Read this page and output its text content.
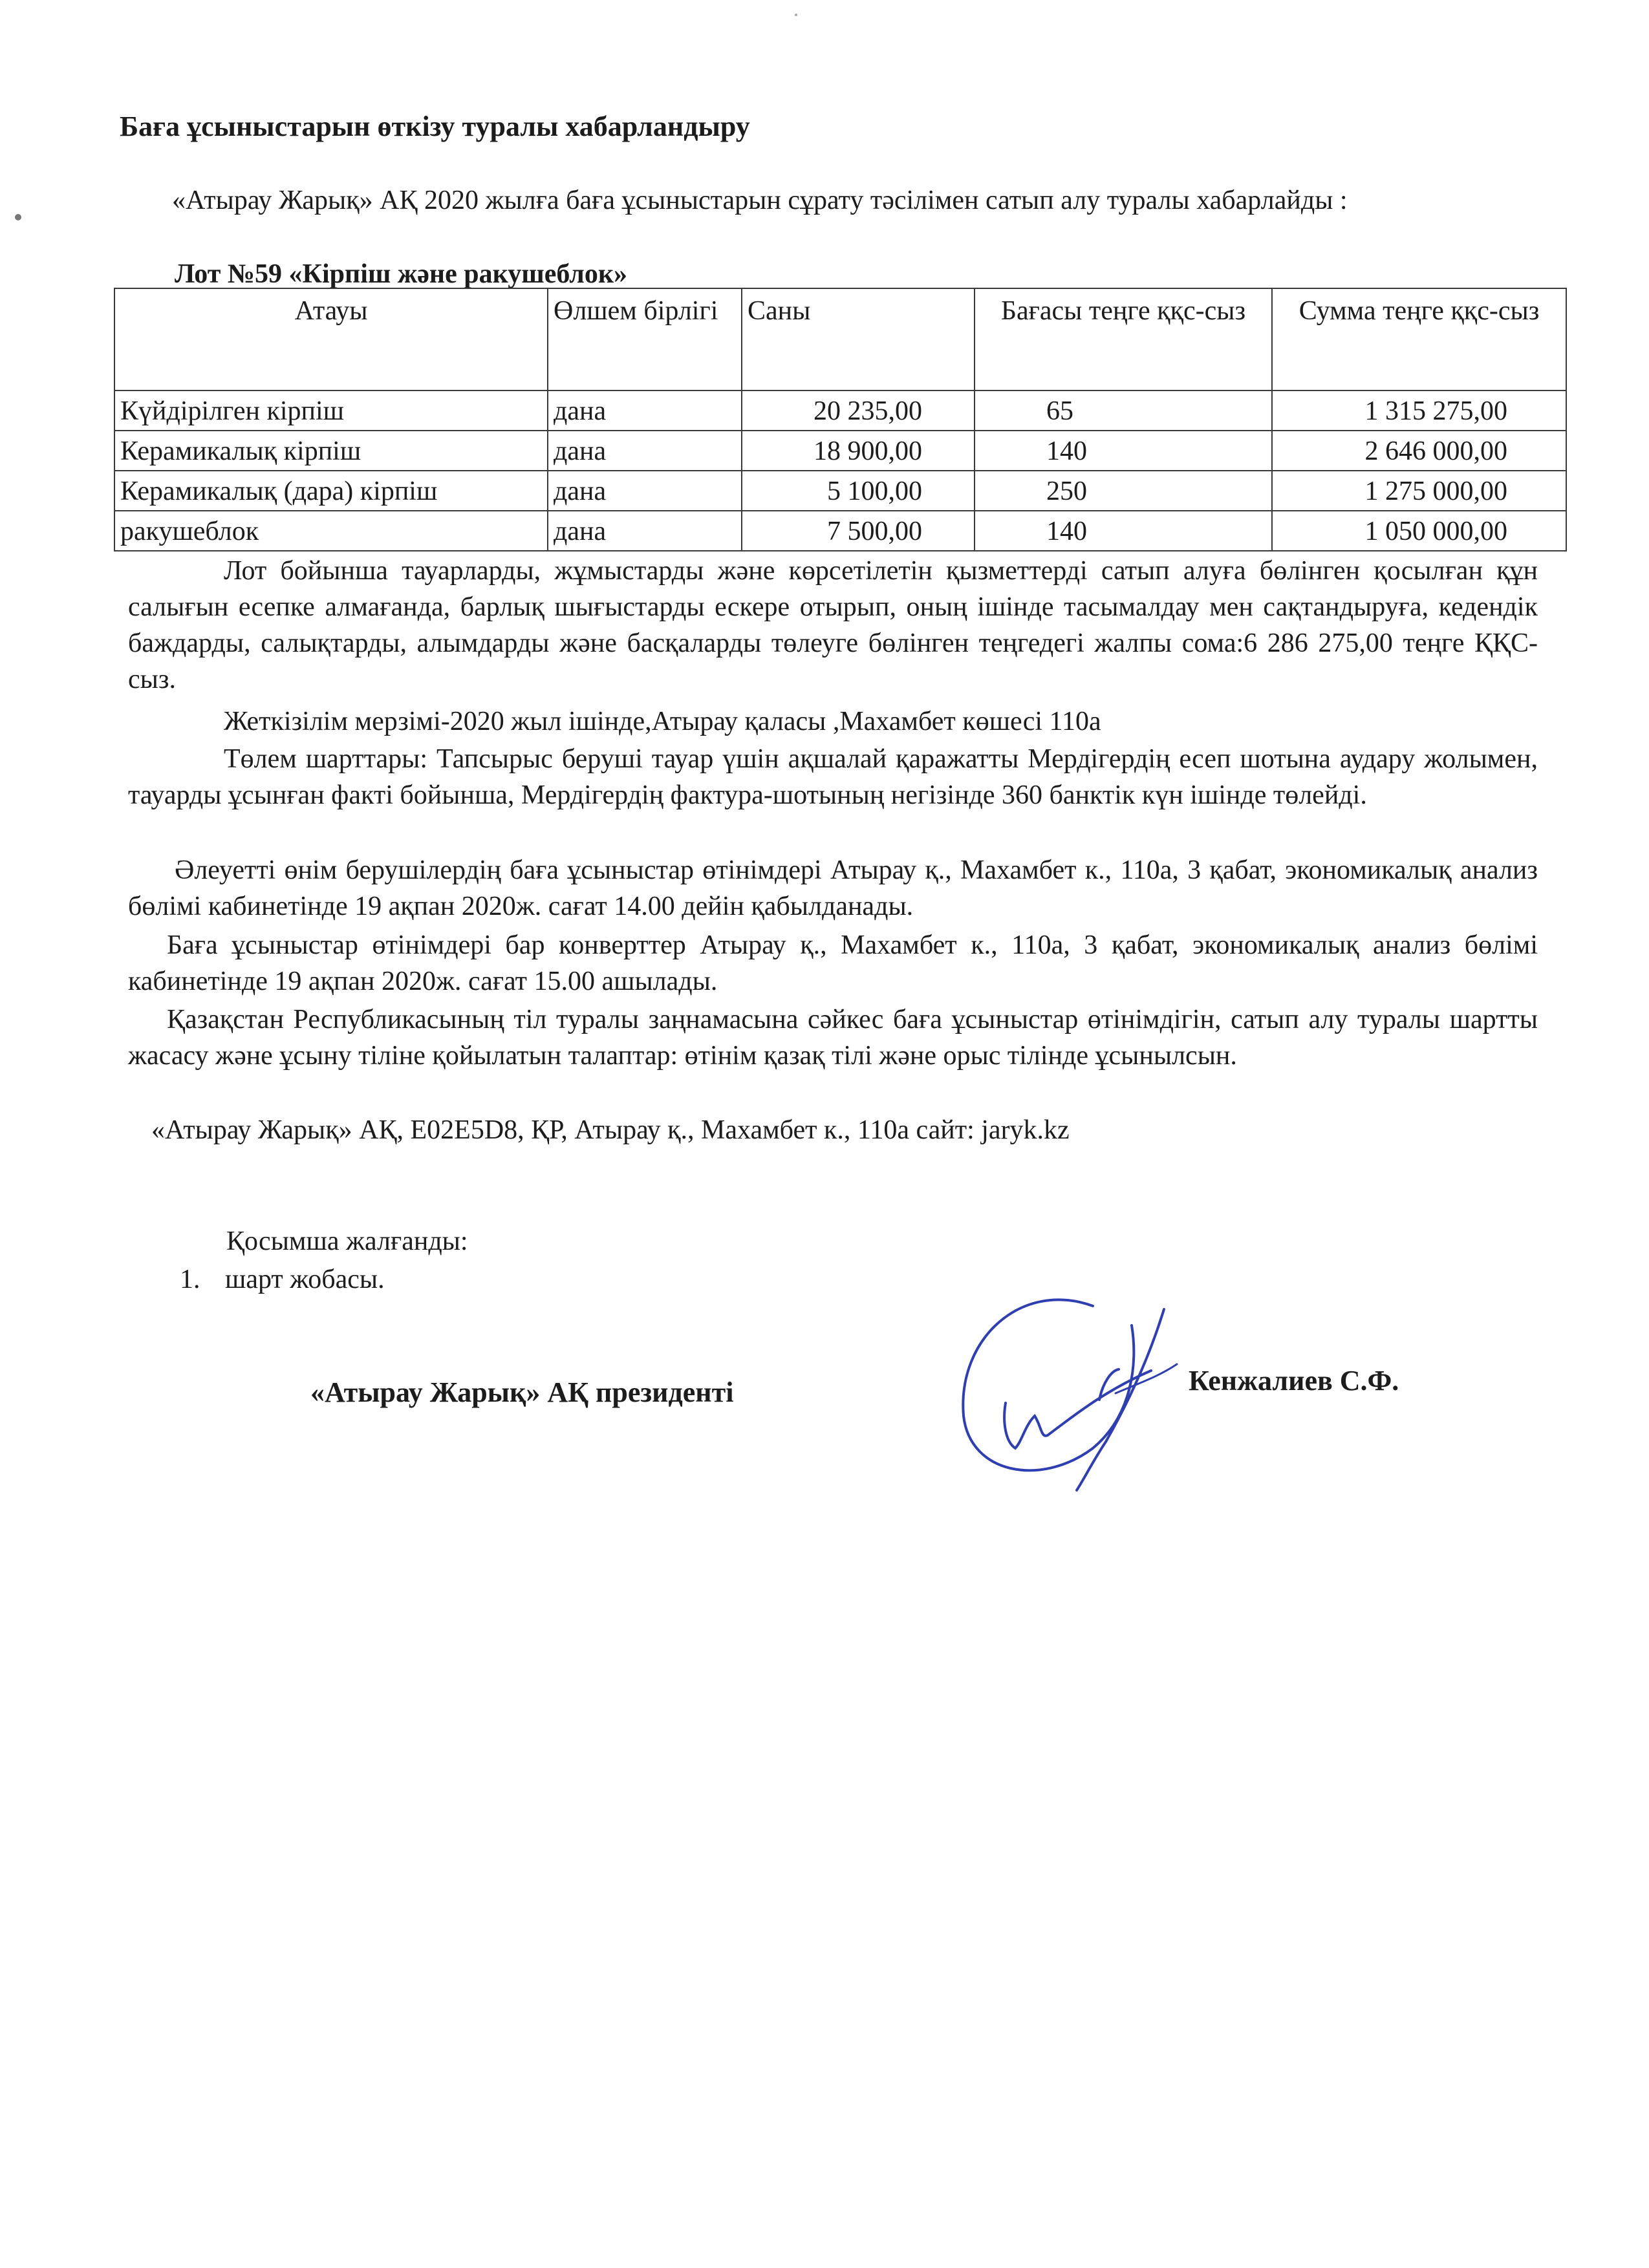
Баға ұсыныстарын өткізу туралы хабарландыру
«Атырау Жарық» АҚ 2020 жылға баға ұсыныстарын сұрату тәсілімен сатып алу туралы хабарлайды :
Лот №59 «Кірпіш және ракушеблок»
Атауы	Өлшем бірлігі	Саны	Бағасы теңге ққс-сыз	Сумма теңге ққс-сыз
Күйдірілген кірпіш	дана	20 235,00	65	1 315 275,00
Керамикалық кірпіш	дана	18 900,00	140	2 646 000,00
Керамикалық (дара) кірпіш	дана	5 100,00	250	1 275 000,00
ракушеблок	дана	7 500,00	140	1 050 000,00
Лот бойынша тауарларды, жұмыстарды және көрсетілетін қызметтерді сатып алуға бөлінген қосылған құн салығын есепке алмағанда, барлық шығыстарды ескере отырып, оның ішінде тасымалдау мен сақтандыруға, кедендік баждарды, салықтарды, алымдарды және басқаларды төлеуге бөлінген теңгедегі жалпы сома:6 286 275,00 теңге ҚҚС-сыз.
Жеткізілім мерзімі-2020 жыл ішінде,Атырау қаласы ,Махамбет көшесі 110а
Төлем шарттары: Тапсырыс беруші тауар үшін ақшалай қаражатты Мердігердің есеп шотына аудару жолымен, тауарды ұсынған факті бойынша, Мердігердің фактура-шотының негізінде 360 банктік күн ішінде төлейді.
Әлеуетті өнім берушілердің баға ұсыныстар өтінімдері Атырау қ., Махамбет к., 110а, 3 қабат, экономикалық анализ бөлімі кабинетінде 19 ақпан 2020ж. сағат 14.00 дейін қабылданады.
Баға ұсыныстар өтінімдері бар конверттер Атырау қ., Махамбет к., 110а, 3 қабат, экономикалық анализ бөлімі кабинетінде 19 ақпан 2020ж. сағат 15.00 ашылады.
Қазақстан Республикасының тіл туралы заңнамасына сәйкес баға ұсыныстар өтінімдігін, сатып алу туралы шартты жасасу және ұсыну тіліне қойылатын талаптар: өтінім қазақ тілі және орыс тілінде ұсынылсын.
«Атырау Жарық» АҚ, E02E5D8, ҚР, Атырау қ., Махамбет к., 110а сайт: jaryk.kz
Қосымша жалғанды:
1. шарт жобасы.
«Атырау Жарық» АҚ президенті	Кенжалиев С.Ф.
